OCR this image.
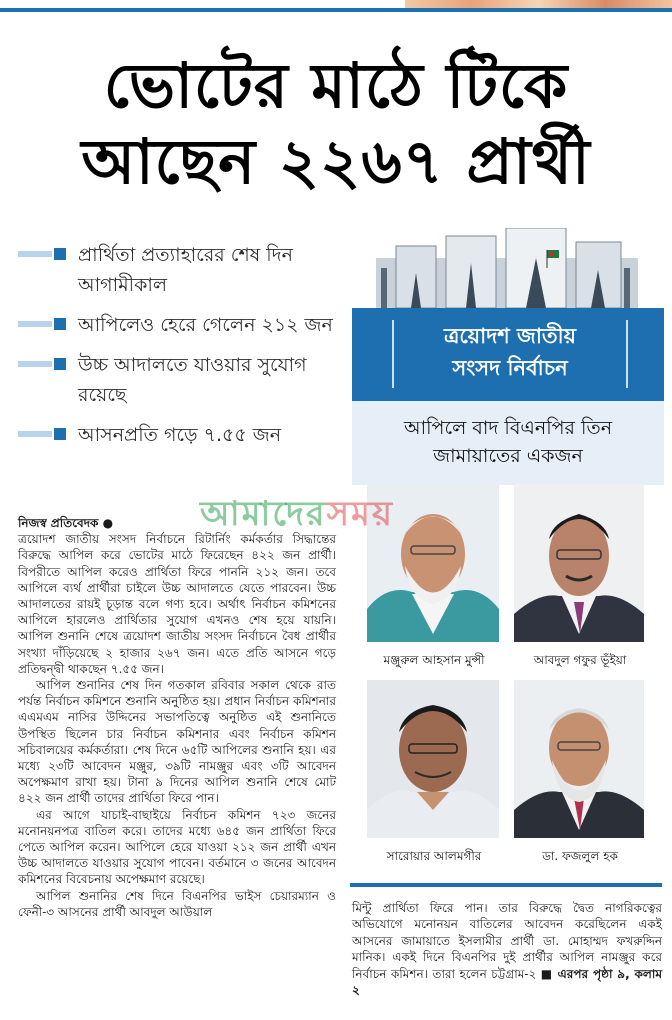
ভোটের মাঠে টিকে
আছেন ২২৬৭ প্রার্থী
প্রার্থিতা প্রত্যাহারের শেষ দিন আগামীকাল
আপিলেও হেরে গেলেন ২১২ জন
উচ্চ আদালতে যাওয়ার সুযোগ রয়েছে
আসনপ্রতি গড়ে ৭.৫৫ জন
ত্রয়োদশ জাতীয়
সংসদ নির্বাচন
আপিলে বাদ বিএনপির তিন
জামায়াতের একজন
মঞ্জুরুল আহসান মুন্সী	আবদুল গফুর ভূঁইয়া
সারোয়ার আলমগীর	ডা. ফজলুল হক
আমাদেরসময়

নিজস্ব প্রতিবেদক ●

ত্রয়োদশ জাতীয় সংসদ নির্বাচনে রিটার্নিং কর্মকর্তার সিদ্ধান্তের বিরুদ্ধে আপিল করে ভোটের মাঠে ফিরেছেন ৪২২ জন প্রার্থী। বিপরীতে আপিল করেও প্রার্থিতা ফিরে পাননি ২১২ জন। তবে আপিলে ব্যর্থ প্রার্থীরা চাইলে উচ্চ আদালতে যেতে পারবেন। উচ্চ আদালতের রায়ই চূড়ান্ত বলে গণ্য হবে। অর্থাৎ নির্বাচন কমিশনের আপিলে হারলেও প্রার্থিতার সুযোগ এখনও শেষ হয়ে যায়নি। আপিল শুনানি শেষে ত্রয়োদশ জাতীয় সংসদ নির্বাচনে বৈধ প্রার্থীর সংখ্যা দাঁড়িয়েছে ২ হাজার ২৬৭ জন। এতে প্রতি আসনে গড়ে প্রতিদ্বন্দ্বী থাকছেন ৭.৫৫ জন।

আপিল শুনানির শেষ দিন গতকাল রবিবার সকাল থেকে রাত পর্যন্ত নির্বাচন কমিশনে শুনানি অনুষ্ঠিত হয়। প্রধান নির্বাচন কমিশনার এএমএম নাসির উদ্দিনের সভাপতিত্বে অনুষ্ঠিত এই শুনানিতে উপস্থিত ছিলেন চার নির্বাচন কমিশনার এবং নির্বাচন কমিশন সচিবালয়ের কর্মকর্তারা। শেষ দিনে ৬৫টি আপিলের শুনানি হয়। এর মধ্যে ২৩টি আবেদন মঞ্জুর, ৩৯টি নামঞ্জুর এবং ৩টি আবেদন অপেক্ষমাণ রাখা হয়। টানা ৯ দিনের আপিল শুনানি শেষে মোট ৪২২ জন প্রার্থী তাদের প্রার্থিতা ফিরে পান।

এর আগে যাচাই-বাছাইয়ে নির্বাচন কমিশন ৭২৩ জনের মনোনয়নপত্র বাতিল করে। তাদের মধ্যে ৬৪৫ জন প্রার্থিতা ফিরে পেতে আপিল করেন। আপিলে হেরে যাওয়া ২১২ জন প্রার্থী এখন উচ্চ আদালতে যাওয়ার সুযোগ পাবেন। বর্তমানে ৩ জনের আবেদন কমিশনের বিবেচনায় অপেক্ষমাণ রয়েছে।

আপিল শুনানির শেষ দিনে বিএনপির ভাইস চেয়ারম্যান ও ফেনী-৩ আসনের প্রার্থী আবদুল আউয়াল	মিন্টু প্রার্থিতা ফিরে পান। তার বিরুদ্ধে দ্বৈত নাগরিকত্বের অভিযোগে মনোনয়ন বাতিলের আবেদন করেছিলেন একই আসনের জামায়াতে ইসলামীর প্রার্থী ডা. মোহাম্মদ ফখরুদ্দিন মানিক। একই দিনে বিএনপির দুই প্রার্থীর আপিল নামঞ্জুর করে নির্বাচন কমিশন। তারা হলেন চট্টগ্রাম-২ ■ এরপর পৃষ্ঠা ৯, কলাম ২
